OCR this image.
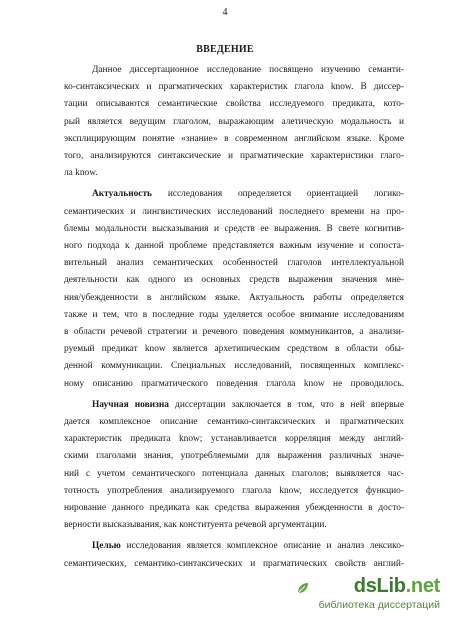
4
ВВЕДЕНИЕ
Данное диссертационное исследование посвящено изучению семанти-
ко-синтаксических и прагматических характеристик глагола know. В диссер-
тации описываются семантические свойства исследуемого предиката, кото-
рый является ведущим глаголом, выражающим алетическую модальность и
эксплицирующим понятие «знание» в современном английском языке. Кроме
того, анализируются синтаксические и прагматические характеристики глаго-
ла know.
Актуальность исследования определяется ориентацией логико-
семантических и лингвистических исследований последнего времени на про-
блемы модальности высказывания и средств ее выражения. В свете когнитив-
ного подхода к данной проблеме представляется важным изучение и сопоста-
вительный анализ семантических особенностей глаголов интеллектуальной
деятельности как одного из основных средств выражения значения мне-
ния/убежденности в английском языке. Актуальность работы определяется
также и тем, что в последние годы уделяется особое внимание исследованиям
в области речевой стратегии и речевого поведения коммуникантов, а анализи-
руемый предикат know является архетипическим средством в области обы-
денной коммуникации. Специальных исследований, посвященных комплекс-
ному описанию прагматического поведения глагола know не проводилось.
Научная новизна диссертации заключается в том, что в ней впервые
дается комплексное описание семантико-синтаксических и прагматических
характеристик предиката know; устанавливается корреляция между англий-
скими глаголами знания, употребляемыми для выражения различных значе-
ний с учетом семантического потенциала данных глаголов; выявляется час-
тотность употребления анализируемого глагола know, исследуется функцио-
нирование данного предиката как средства выражения убежденности в досто-
верности высказывания, как конституента речевой аргументации.
Целью исследования является комплексное описание и анализ лексико-
семантических, семантико-синтаксических и прагматических свойств англий-
dsLib.net
библиотека диссертаций
